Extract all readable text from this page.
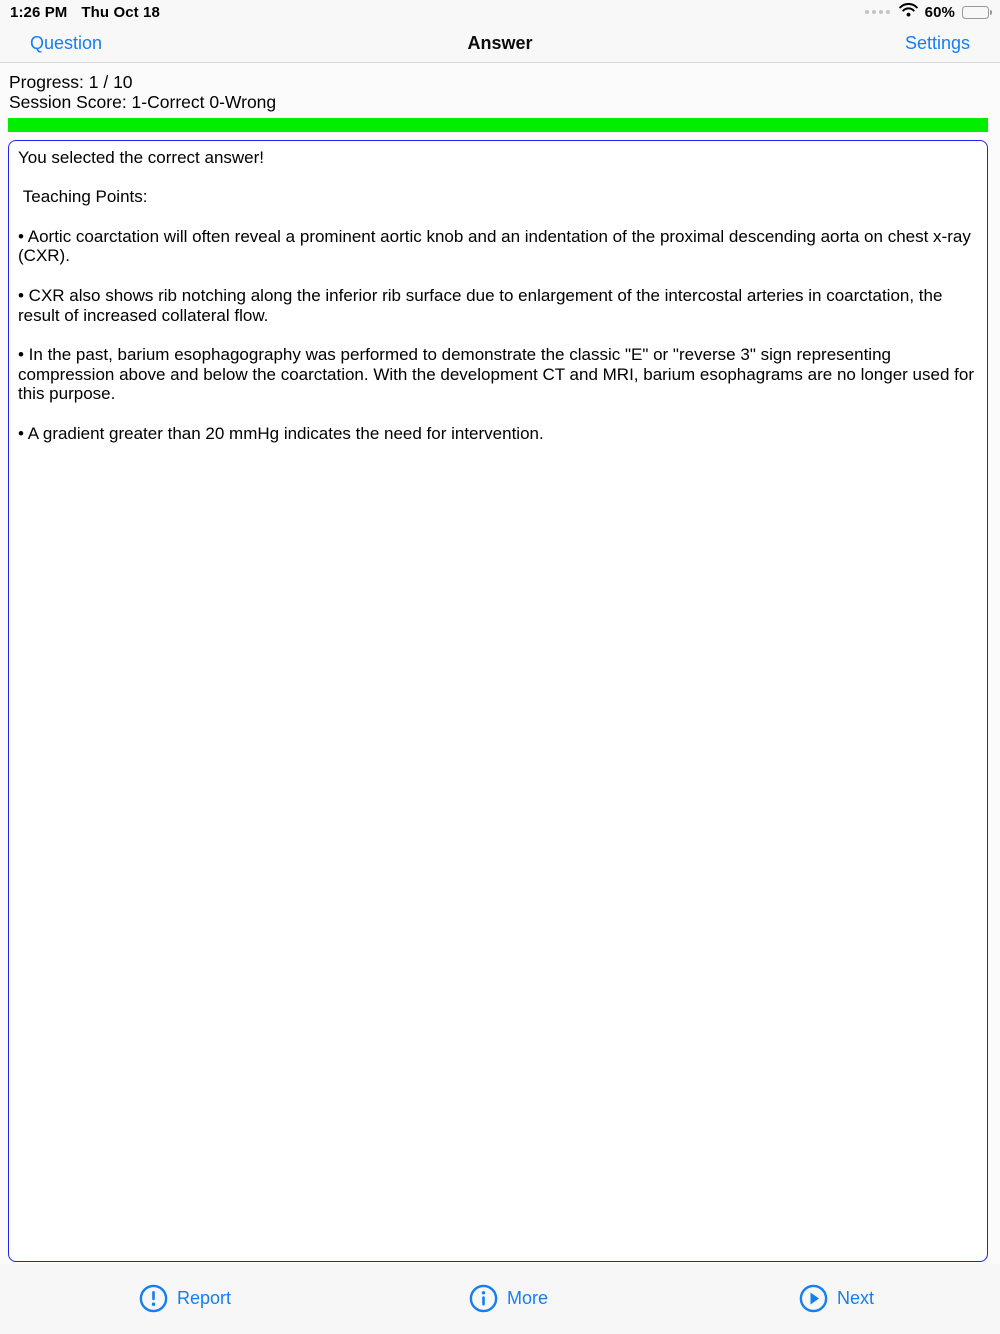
1:26 PM Thu Oct 18	60%
Question	Answer	Settings
Progress: 1 / 10
Session Score: 1-Correct 0-Wrong

You selected the correct answer!

Teaching Points:

• Aortic coarctation will often reveal a prominent aortic knob and an indentation of the proximal descending aorta on chest x-ray (CXR).

• CXR also shows rib notching along the inferior rib surface due to enlargement of the intercostal arteries in coarctation, the result of increased collateral flow.

• In the past, barium esophagography was performed to demonstrate the classic "E" or "reverse 3" sign representing compression above and below the coarctation. With the development CT and MRI, barium esophagrams are no longer used for this purpose.

• A gradient greater than 20 mmHg indicates the need for intervention.

Report	More	Next
